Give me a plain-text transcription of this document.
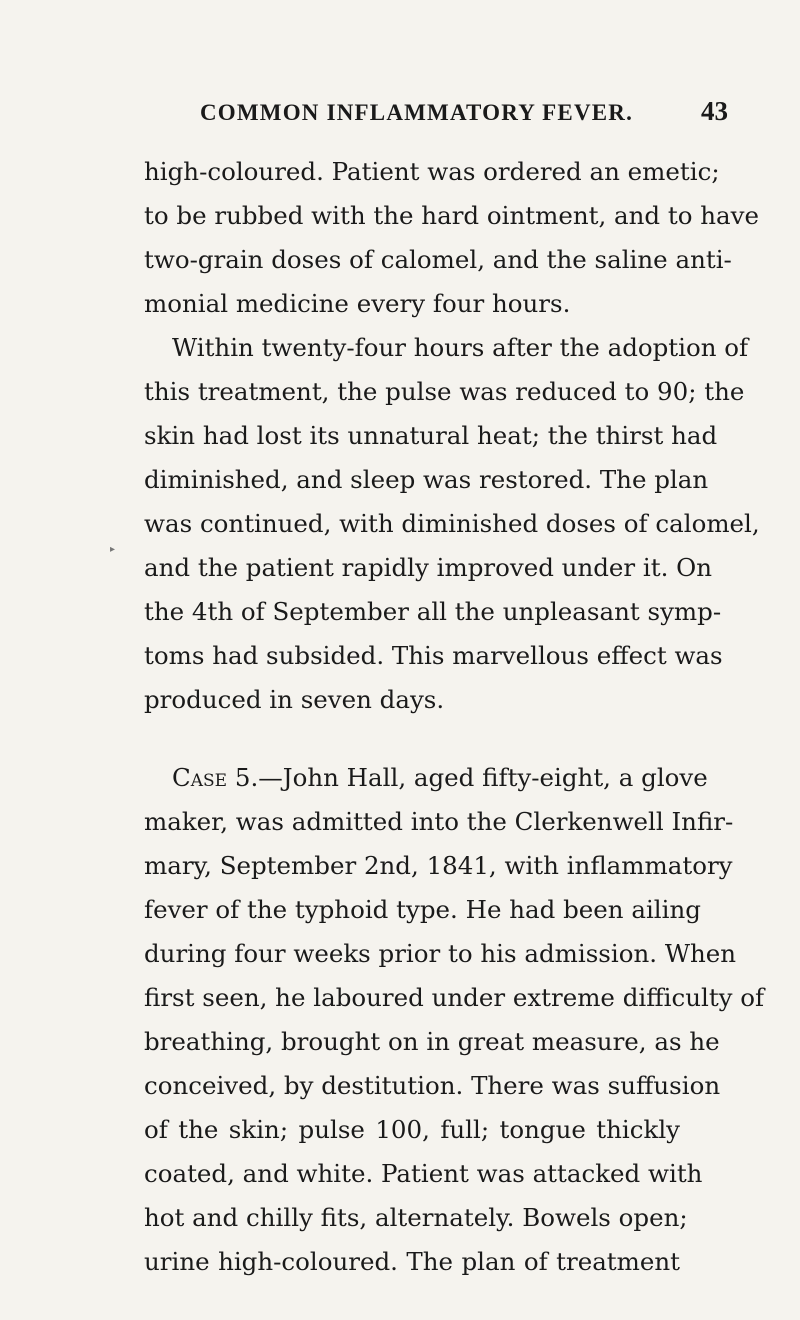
COMMON INFLAMMATORY FEVER.	43
high-coloured. Patient was ordered an emetic;
to be rubbed with the hard ointment, and to have
two-grain doses of calomel, and the saline anti-
monial medicine every four hours.
Within twenty-four hours after the adoption of
this treatment, the pulse was reduced to 90; the
skin had lost its unnatural heat; the thirst had
diminished, and sleep was restored. The plan
was continued, with diminished doses of calomel,
and the patient rapidly improved under it. On
the 4th of September all the unpleasant symp-
toms had subsided. This marvellous effect was
produced in seven days.
Case 5.—John Hall, aged fifty-eight, a glove
maker, was admitted into the Clerkenwell Infir-
mary, September 2nd, 1841, with inflammatory
fever of the typhoid type. He had been ailing
during four weeks prior to his admission. When
first seen, he laboured under extreme difficulty of
breathing, brought on in great measure, as he
conceived, by destitution. There was suffusion
of the skin; pulse 100, full; tongue thickly
coated, and white. Patient was attacked with
hot and chilly fits, alternately. Bowels open;
urine high-coloured. The plan of treatment
▸
